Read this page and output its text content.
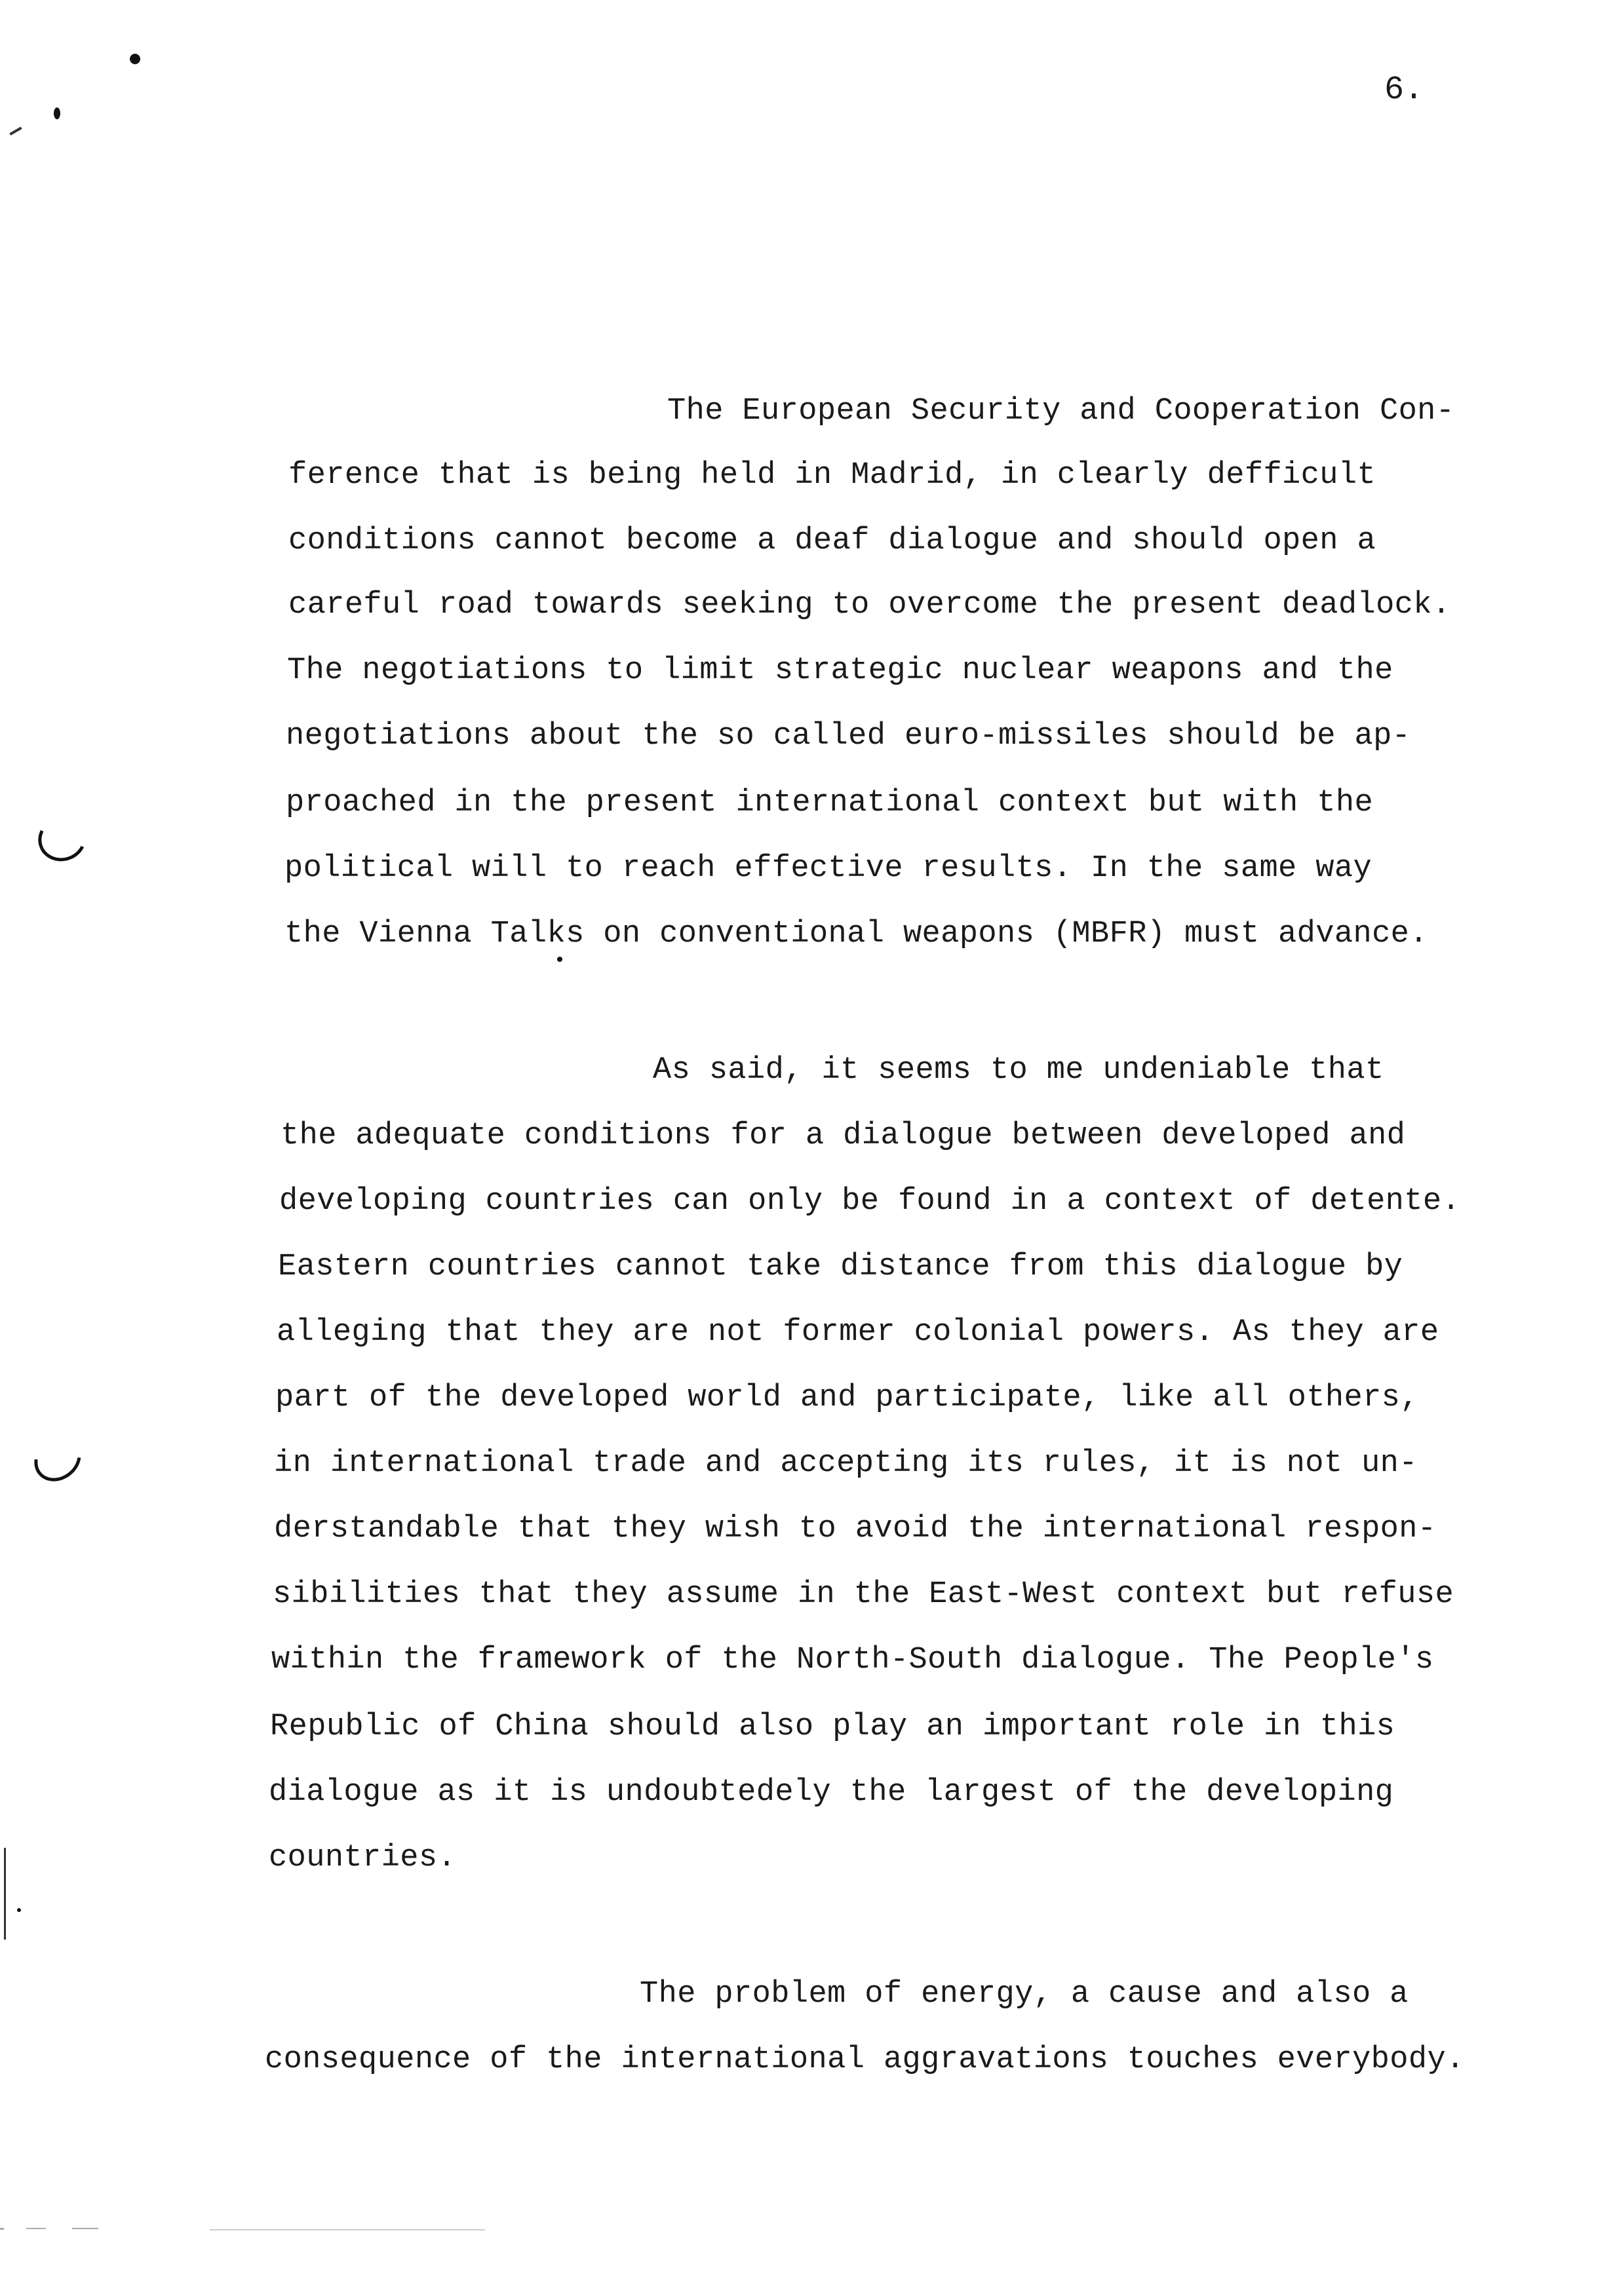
6.
The European Security and Cooperation Con-
ference that is being held in Madrid, in clearly defficult
conditions cannot become a deaf dialogue and should open a
careful road towards seeking to overcome the present deadlock.
The negotiations to limit strategic nuclear weapons and the
negotiations about the so called euro-missiles should be ap-
proached in the present international context but with the
political will to reach effective results. In the same way
the Vienna Talks on conventional weapons (MBFR) must advance.
As said, it seems to me undeniable that
the adequate conditions for a dialogue between developed and
developing countries can only be found in a context of detente.
Eastern countries cannot take distance from this dialogue by
alleging that they are not former colonial powers. As they are
part of the developed world and participate, like all others,
in international trade and accepting its rules, it is not un-
derstandable that they wish to avoid the international respon-
sibilities that they assume in the East-West context but refuse
within the framework of the North-South dialogue. The People's
Republic of China should also play an important role in this
dialogue as it is undoubtedely the largest of the developing
countries.
The problem of energy, a cause and also a
consequence of the international aggravations touches everybody.
